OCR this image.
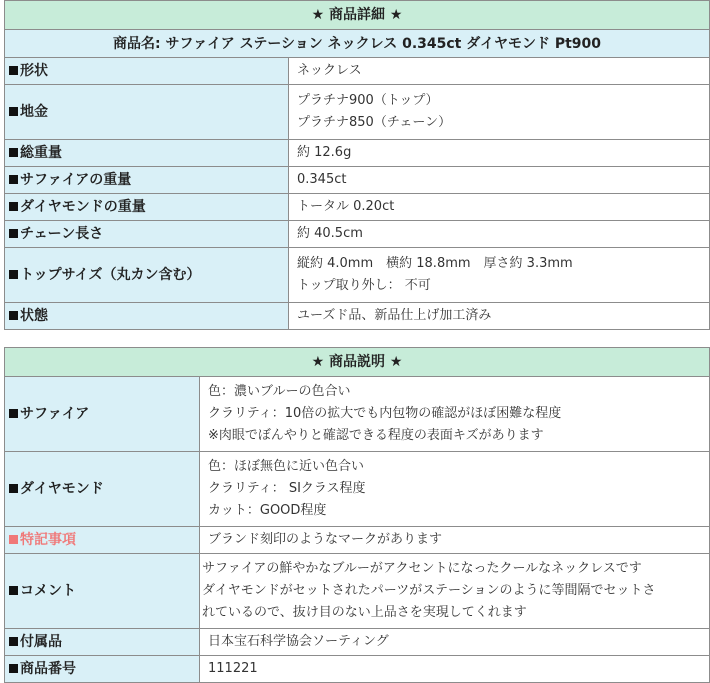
★ 商品詳細 ★	
商品名: サファイア ステーション ネックレス 0.345ct ダイヤモンド Pt900	
形状	ネックレス

地金	プラチナ900（トップ）
プラチナ850（チェーン）

総重量	約 12.6g

サファイアの重量	0.345ct

ダイヤモンドの重量	トータル 0.20ct

チェーン長さ	約 40.5cm

トップサイズ（丸カン含む）	縦約 4.0mm　横約 18.8mm　厚さ約 3.3mm
トップ取り外し： 不可

状態	ユーズド品、新品仕上げ加工済み
★ 商品説明 ★	
サファイア	色：濃いブルーの色合い
クラリティ：10倍の拡大でも内包物の確認がほぼ困難な程度
※肉眼でぼんやりと確認できる程度の表面キズがあります

ダイヤモンド	色：ほぼ無色に近い色合い
クラリティ： SIクラス程度
カット：GOOD程度

特記事項	ブランド刻印のようなマークがあります

コメント	サファイアの鮮やかなブルーがアクセントになったクールなネックレスです
ダイヤモンドがセットされたパーツがステーションのように等間隔でセットさ
れているので、抜け目のない上品さを実現してくれます

付属品	日本宝石科学協会ソーティング

商品番号	111221
